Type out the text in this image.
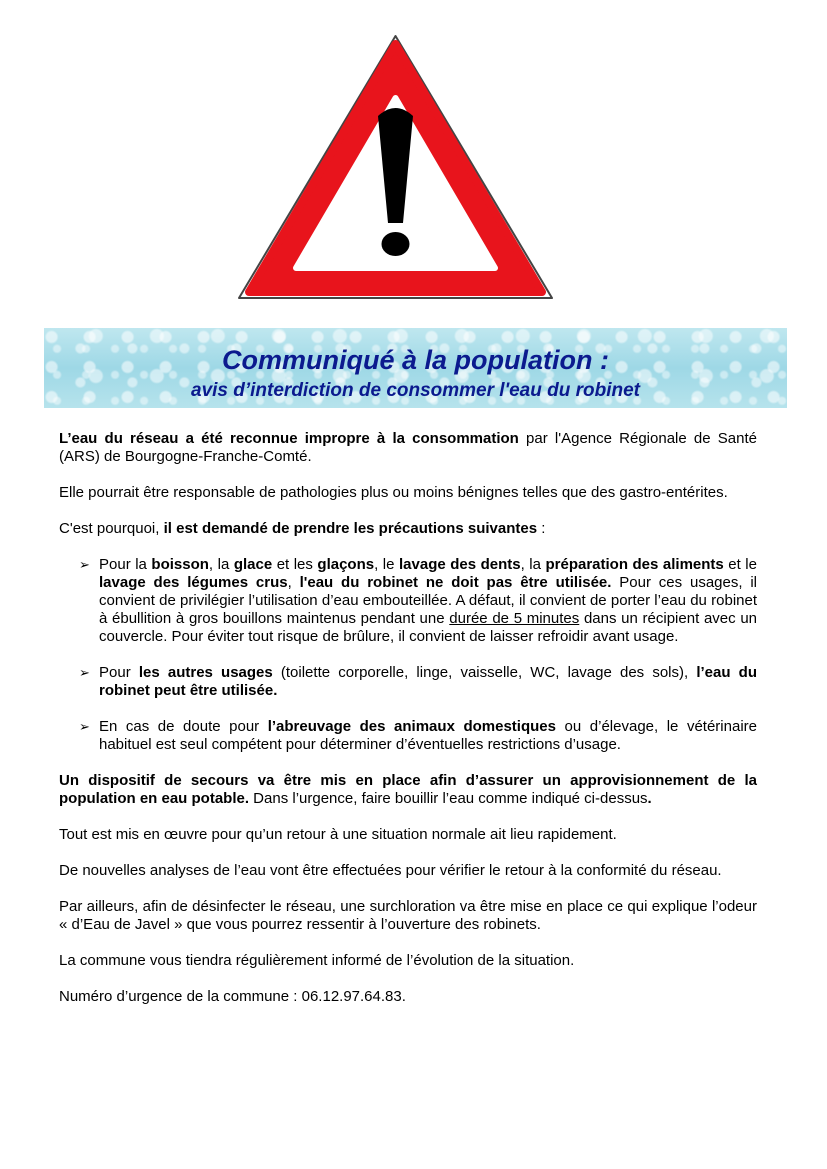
Communiqué à la population :
avis d’interdiction de consommer l'eau du robinet

L’eau du réseau a été reconnue impropre à la consommation par l'Agence Régionale de Santé (ARS) de Bourgogne-Franche-Comté.

Elle pourrait être responsable de pathologies plus ou moins bénignes telles que des gastro-entérites.

C'est pourquoi, il est demandé de prendre les précautions suivantes :

➢ Pour la boisson, la glace et les glaçons, le lavage des dents, la préparation des aliments et le lavage des légumes crus, l'eau du robinet ne doit pas être utilisée. Pour ces usages, il convient de privilégier l’utilisation d’eau embouteillée. A défaut, il convient de porter l’eau du robinet à ébullition à gros bouillons maintenus pendant une durée de 5 minutes dans un récipient avec un couvercle. Pour éviter tout risque de brûlure, il convient de laisser refroidir avant usage.
➢ Pour les autres usages (toilette corporelle, linge, vaisselle, WC, lavage des sols), l’eau du robinet peut être utilisée.
➢ En cas de doute pour l’abreuvage des animaux domestiques ou d’élevage, le vétérinaire habituel est seul compétent pour déterminer d’éventuelles restrictions d’usage.

Un dispositif de secours va être mis en place afin d’assurer un approvisionnement de la population en eau potable. Dans l’urgence, faire bouillir l’eau comme indiqué ci-dessus.

Tout est mis en œuvre pour qu’un retour à une situation normale ait lieu rapidement.

De nouvelles analyses de l’eau vont être effectuées pour vérifier le retour à la conformité du réseau.

Par ailleurs, afin de désinfecter le réseau, une surchloration va être mise en place ce qui explique l’odeur « d’Eau de Javel » que vous pourrez ressentir à l’ouverture des robinets.

La commune vous tiendra régulièrement informé de l’évolution de la situation.

Numéro d’urgence de la commune : 06.12.97.64.83.
